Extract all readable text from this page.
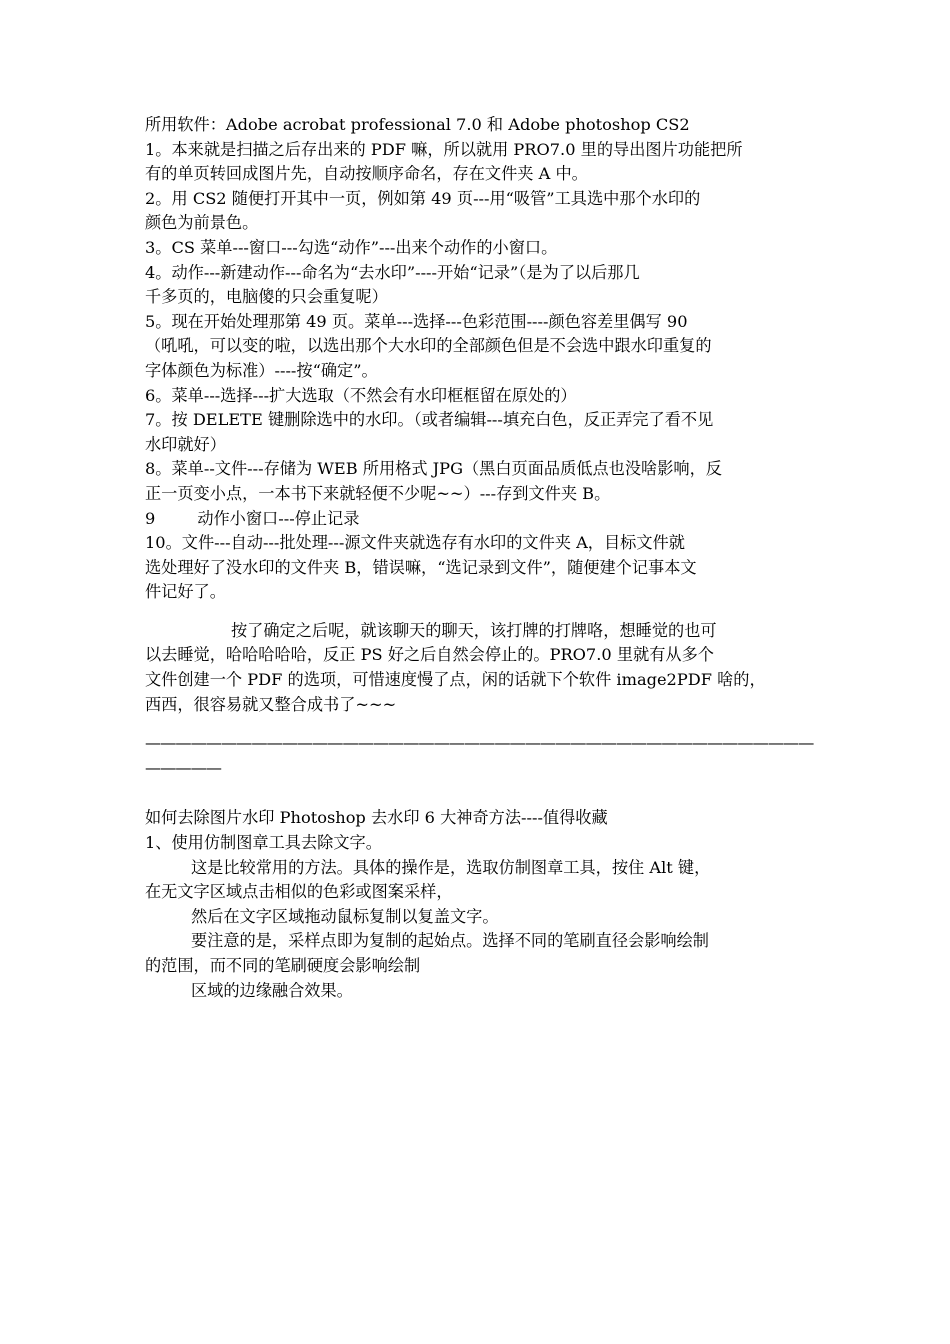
所用软件：Adobe acrobat professional 7.0 和 Adobe photoshop CS2
1。本来就是扫描之后存出来的 PDF 嘛，所以就用 PRO7.0 里的导出图片功能把所
有的单页转回成图片先，自动按顺序命名，存在文件夹 A 中。
2。用 CS2 随便打开其中一页，例如第 49 页---用“吸管”工具选中那个水印的
颜色为前景色。
3。CS 菜单---窗口---勾选“动作”---出来个动作的小窗口。
4。动作---新建动作---命名为“去水印”----开始“记录”（是为了以后那几
千多页的，电脑傻的只会重复呢）
5。现在开始处理那第 49 页。菜单---选择---色彩范围----颜色容差里偶写 90
（吼吼，可以变的啦，以选出那个大水印的全部颜色但是不会选中跟水印重复的
字体颜色为标准）----按“确定”。
6。菜单---选择---扩大选取（不然会有水印框框留在原处的）
7。按 DELETE 键删除选中的水印。（或者编辑---填充白色，反正弄完了看不见
水印就好）
8。菜单--文件---存储为 WEB 所用格式 JPG（黑白页面品质低点也没啥影响，反
正一页变小点，一本书下来就轻便不少呢~~）---存到文件夹 B。
9	动作小窗口---停止记录
10。文件---自动---批处理---源文件夹就选存有水印的文件夹 A，目标文件就
选处理好了没水印的文件夹 B，错误嘛，“选记录到文件”，随便建个记事本文
件记好了。
按了确定之后呢，就该聊天的聊天，该打牌的打牌咯，想睡觉的也可
以去睡觉，哈哈哈哈哈，反正 PS 好之后自然会停止的。PRO7.0 里就有从多个
文件创建一个 PDF 的选项，可惜速度慢了点，闲的话就下个软件 image2PDF 啥的，
西西，很容易就又整合成书了~~~
————————————————————————————————————————————
—————
如何去除图片水印 Photoshop 去水印 6 大神奇方法----值得收藏
1、使用仿制图章工具去除文字。
这是比较常用的方法。具体的操作是，选取仿制图章工具，按住 Alt 键，
在无文字区域点击相似的色彩或图案采样，
然后在文字区域拖动鼠标复制以复盖文字。
要注意的是，采样点即为复制的起始点。选择不同的笔刷直径会影响绘制
的范围，而不同的笔刷硬度会影响绘制
区域的边缘融合效果。
